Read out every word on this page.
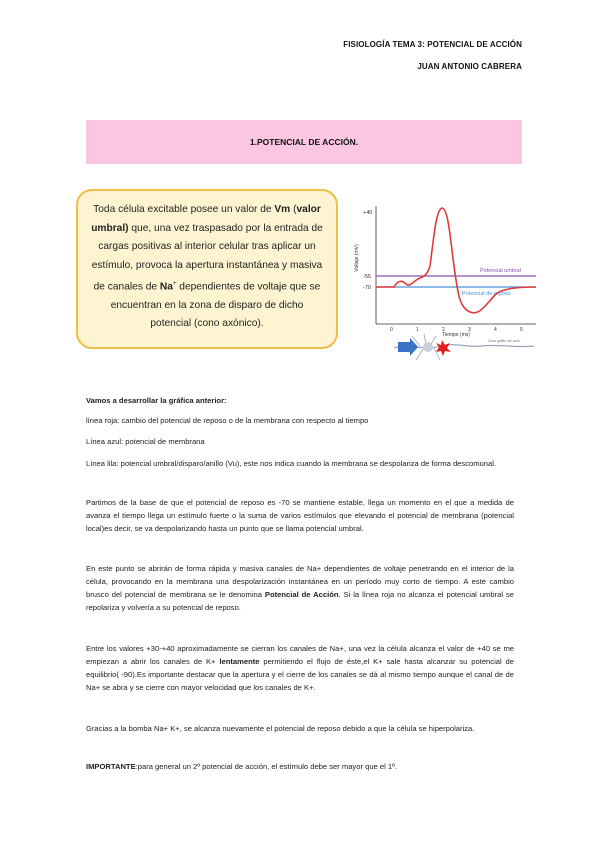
FISIOLOGÍA TEMA 3: POTENCIAL DE ACCIÓN
JUAN ANTONIO CABRERA
1.POTENCIAL DE ACCIÓN.
Toda célula excitable posee un valor de Vm (valor umbral) que, una vez traspasado por la entrada de cargas positivas al interior celular tras aplicar un estímulo, provoca la apertura instantánea y masiva de canales de Na+ dependientes de voltaje que se encuentran en la zona de disparo de dicho potencial (cono axónico).
Voltaje (mV)
+40
-55
-70
0	1	2	3	4	5
Tiempo (ms)
Potencial umbral
Potencial de reposo
Zona gatillo del axón
Vamos a desarrollar la gráfica anterior:
línea roja: cambio del potencial de reposo o de la membrana con respecto al tiempo
Línea azul: potencial de membrana
Línea lila: potencial umbral/disparo/anillo (Vu), este nos indica cuando la membrana se despolariza de forma descomunal.
Partimos de la base de que el potencial de reposo es -70 se mantiene estable, llega un momento en el que a medida de avanza el tiempo llega un estímulo fuerte o la suma de varios estímulos que elevando el potencial de membrana (potencial local)es decir, se va despolarizando hasta un punto que se llama potencial umbral.
En este punto se abrirán de forma rápida y masiva canales de Na+ dependientes de voltaje penetrando en el interior de la célula, provocando en la membrana una despolarización instantánea en un período muy corto de tiempo. A este cambio brusco del potencial de membrana se le denomina Potencial de Acción. Si la línea roja no alcanza el potencial umbral se repolariza y volvería a su potencial de reposo.
Entre los valores +30-+40 aproximadamente se cierran los canales de Na+, una vez la célula alcanza el valor de +40 se me empiezan a abrir los canales de K+ lentamente permitiendo el flujo de éste,el K+ sale hasta alcanzar su potencial de equilibrio( -90).Es importante destacar que la apertura y el cierre de los canales se dá al mismo tiempo aunque el canal de de Na+ se abra y se cierre con mayor velocidad que los canales de K+.
Gracias a la bomba Na+ K+, se alcanza nuevamente el potencial de reposo debido a que la célula se hiperpolariza.
IMPORTANTE:para general un 2º potencial de acción, el estímulo debe ser mayor que el 1º.
